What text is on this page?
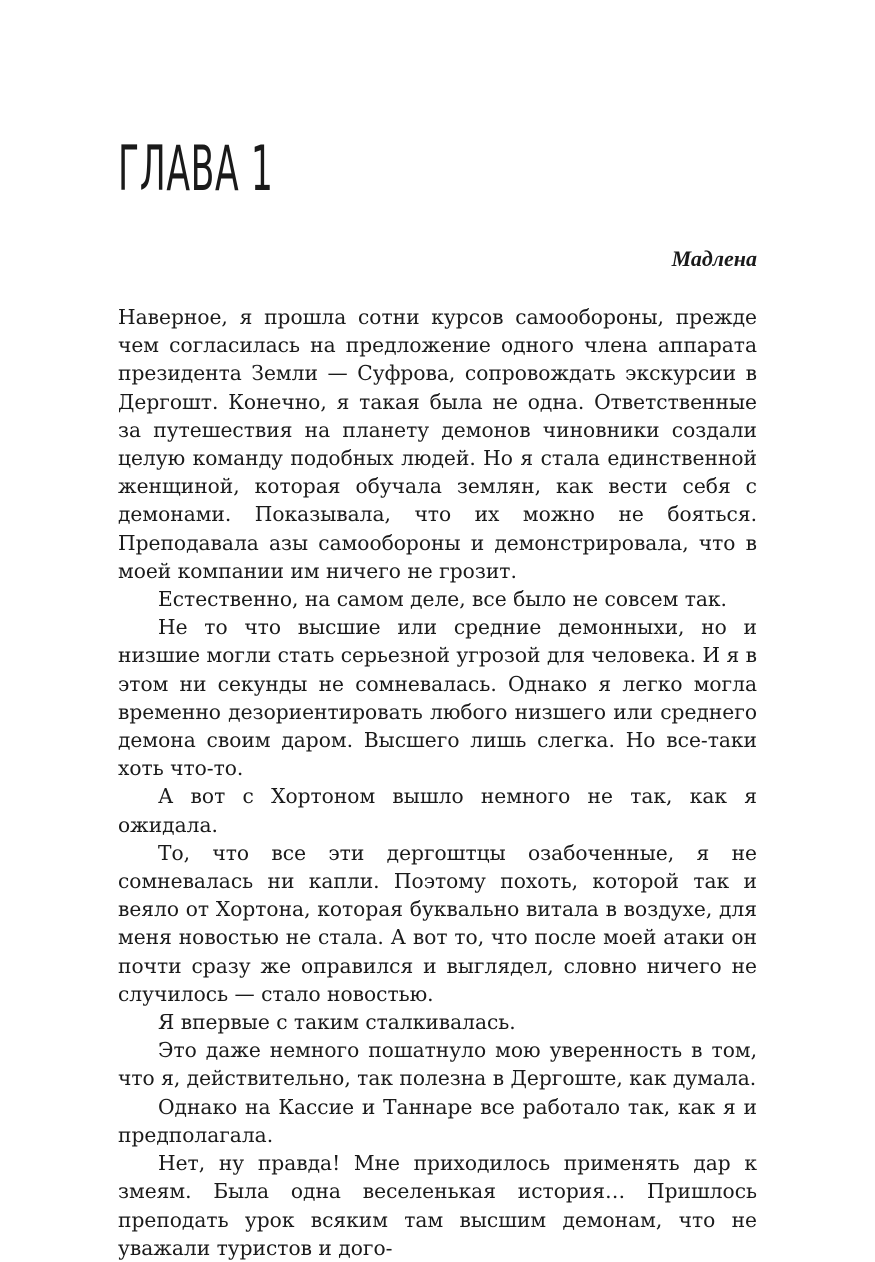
ГЛАВА 1

Мадлена

Наверное, я прошла сотни курсов самообороны, прежде чем согласилась на предложение одного члена аппарата президента Земли — Суфрова, сопровождать экскурсии в Дергошт. Конечно, я такая была не одна. Ответственные за путешествия на планету демонов чиновники создали целую команду подобных людей. Но я стала единственной женщиной, которая обучала землян, как вести себя с демонами. Показывала, что их можно не бояться. Преподавала азы самообороны и демонстрировала, что в моей компании им ничего не грозит.

Естественно, на самом деле, все было не совсем так.

Не то что высшие или средние демонныхи, но и низшие могли стать серьезной угрозой для человека. И я в этом ни секунды не сомневалась. Однако я легко могла временно дезориентировать любого низшего или среднего демона своим даром. Высшего лишь слегка. Но все-таки хоть что-то.

А вот с Хортоном вышло немного не так, как я ожидала.

То, что все эти дергоштцы озабоченные, я не сомневалась ни капли. Поэтому похоть, которой так и веяло от Хортона, которая буквально витала в воздухе, для меня новостью не стала. А вот то, что после моей атаки он почти сразу же оправился и выглядел, словно ничего не случилось — стало новостью.

Я впервые с таким сталкивалась.

Это даже немного пошатнуло мою уверенность в том, что я, действительно, так полезна в Дергоште, как думала.

Однако на Кассие и Таннаре все работало так, как я и предполагала.

Нет, ну правда! Мне приходилось применять дар к змеям. Была одна веселенькая история… Пришлось преподать урок всяким там высшим демонам, что не уважали туристов и дого-
